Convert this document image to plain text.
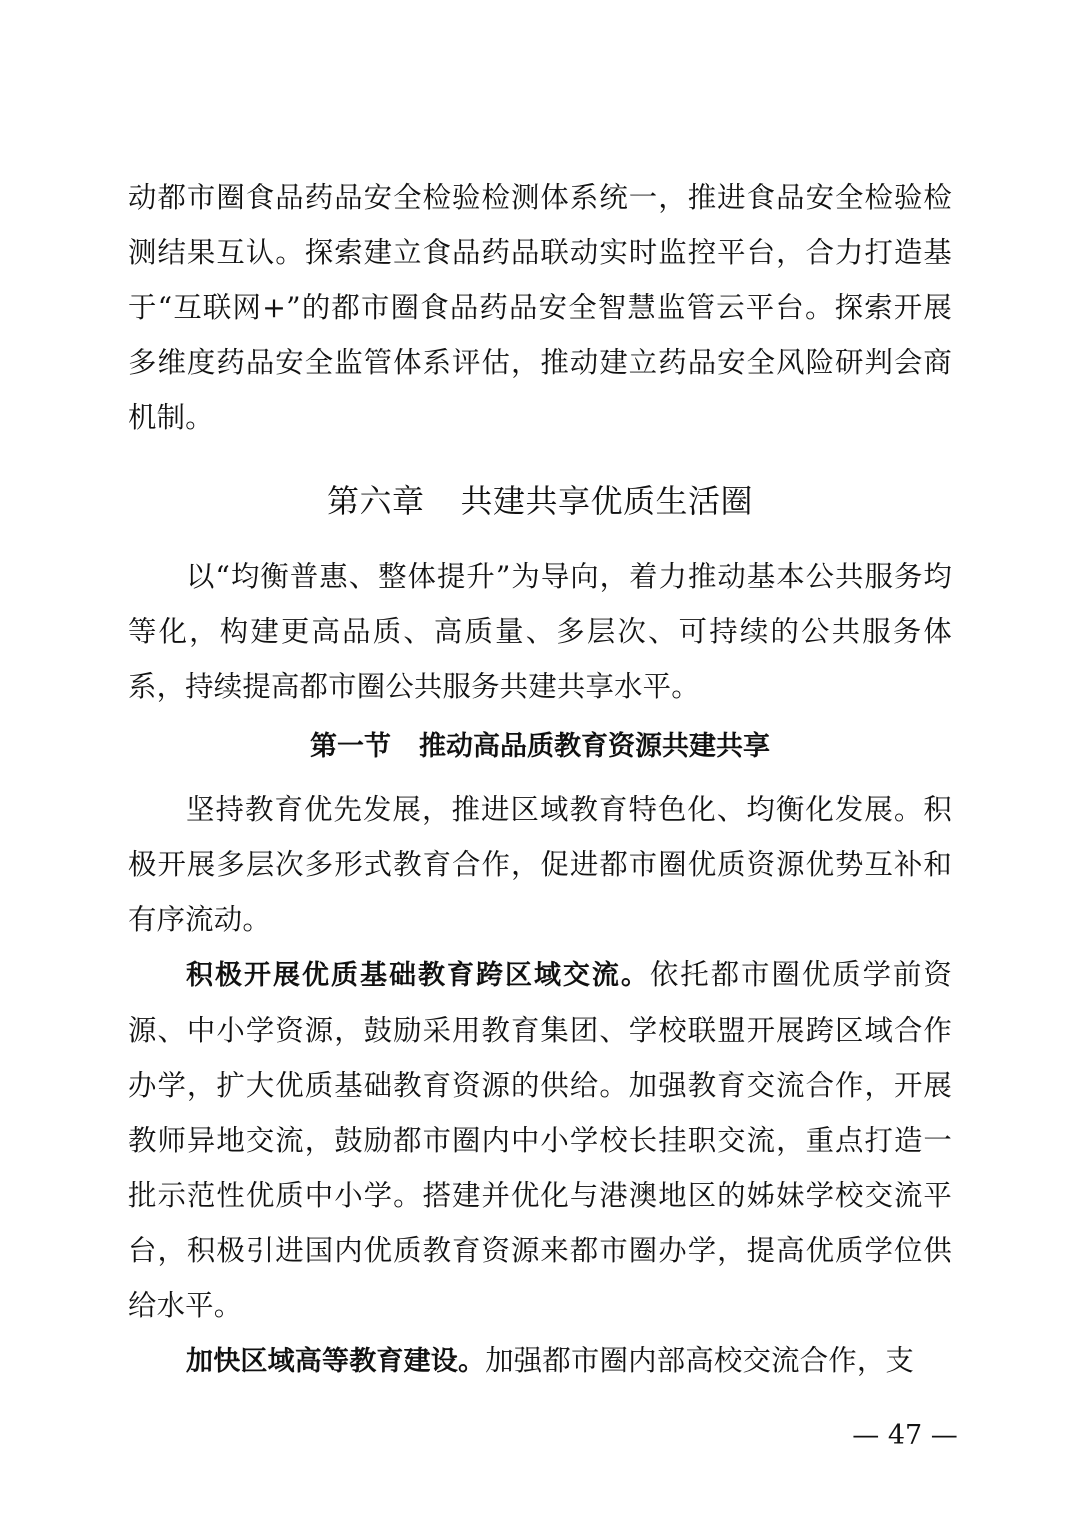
动都市圈食品药品安全检验检测体系统一，推进食品安全检验检测结果互认。探索建立食品药品联动实时监控平台，合力打造基于“互联网+”的都市圈食品药品安全智慧监管云平台。探索开展多维度药品安全监管体系评估，推动建立药品安全风险研判会商机制。

第六章 共建共享优质生活圈

以“均衡普惠、整体提升”为导向，着力推动基本公共服务均等化，构建更高品质、高质量、多层次、可持续的公共服务体系，持续提高都市圈公共服务共建共享水平。

第一节 推动高品质教育资源共建共享

坚持教育优先发展，推进区域教育特色化、均衡化发展。积极开展多层次多形式教育合作，促进都市圈优质资源优势互补和有序流动。

积极开展优质基础教育跨区域交流。依托都市圈优质学前资源、中小学资源，鼓励采用教育集团、学校联盟开展跨区域合作办学，扩大优质基础教育资源的供给。加强教育交流合作，开展教师异地交流，鼓励都市圈内中小学校长挂职交流，重点打造一批示范性优质中小学。搭建并优化与港澳地区的姊妹学校交流平台，积极引进国内优质教育资源来都市圈办学，提高优质学位供给水平。

加快区域高等教育建设。加强都市圈内部高校交流合作，支

— 47 —
